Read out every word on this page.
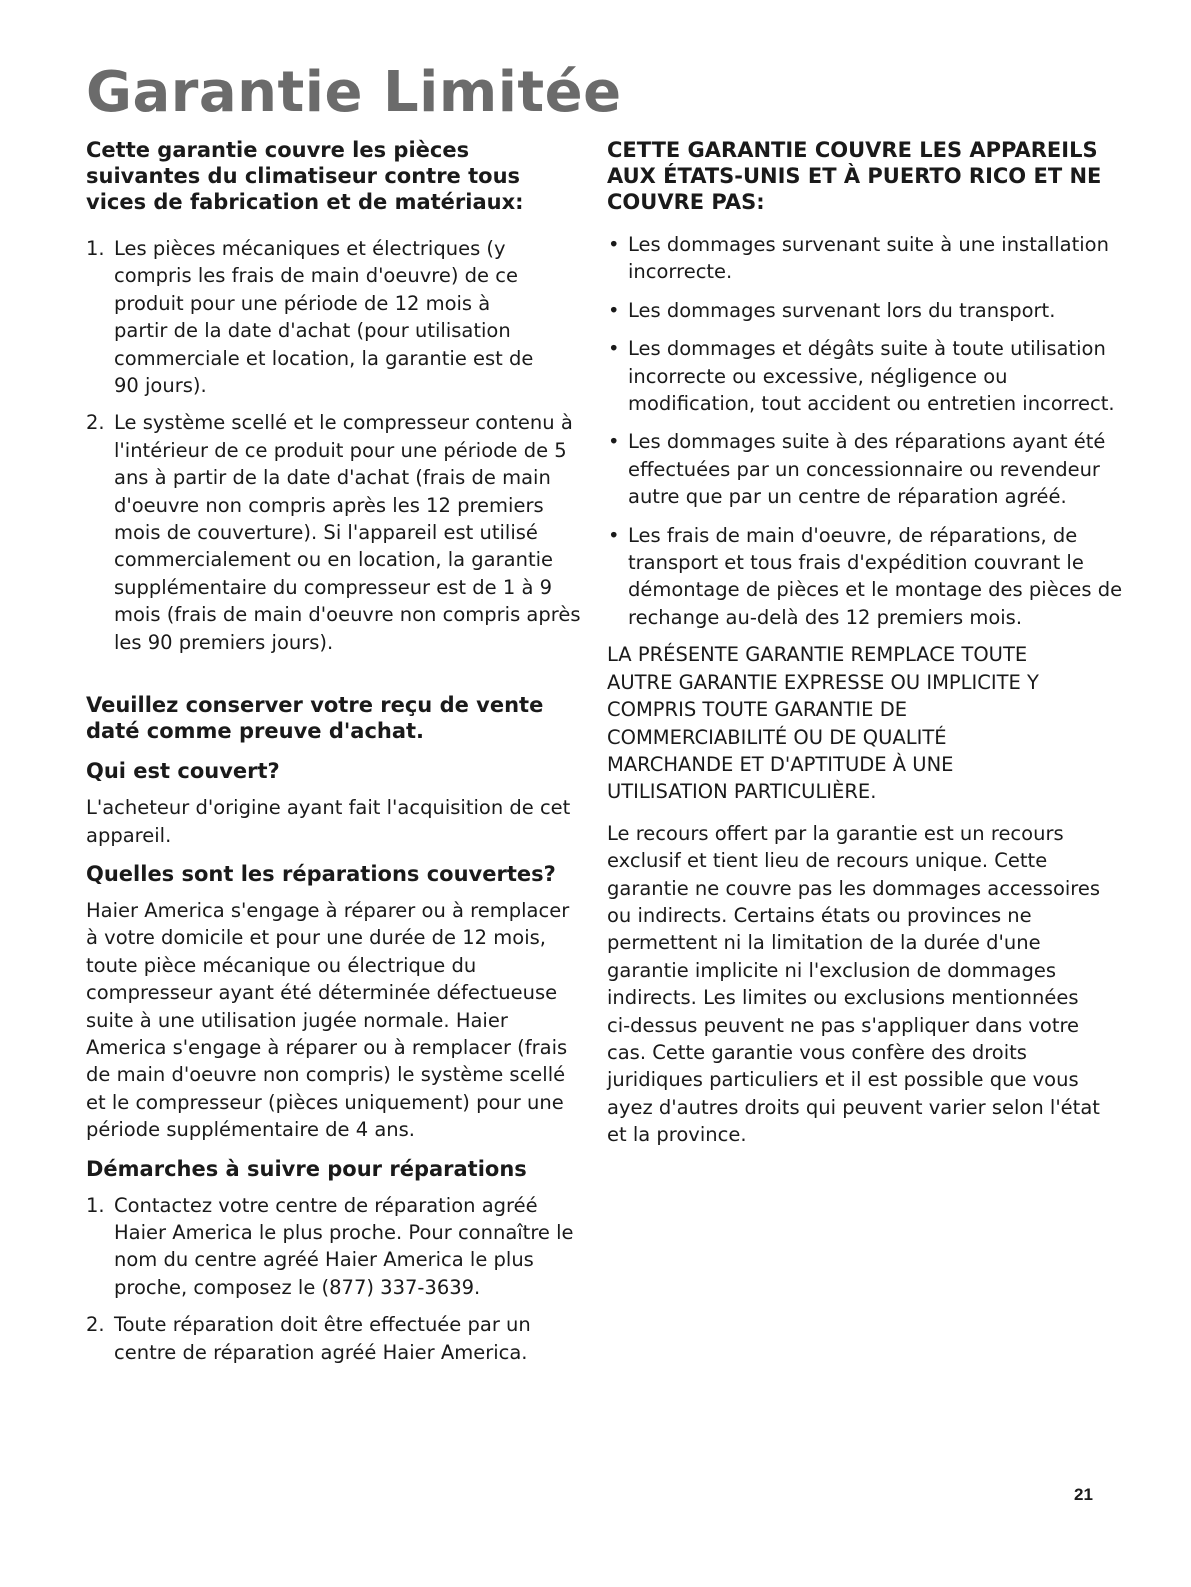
Garantie Limitée
Cette garantie couvre les pièces suivantes du climatiseur contre tous vices de fabrication et de matériaux:
1. Les pièces mécaniques et électriques (y compris les frais de main d'oeuvre) de ce produit pour une période de 12 mois à partir de la date d'achat (pour utilisation commerciale et location, la garantie est de 90 jours).
2. Le système scellé et le compresseur contenu à l'intérieur de ce produit pour une période de 5 ans à partir de la date d'achat (frais de main d'oeuvre non compris après les 12 premiers mois de couverture). Si l'appareil est utilisé commercialement ou en location, la garantie supplémentaire du compresseur est de 1 à 9 mois (frais de main d'oeuvre non compris après les 90 premiers jours).
Veuillez conserver votre reçu de vente daté comme preuve d'achat.
Qui est couvert?

L'acheteur d'origine ayant fait l'acquisition de cet appareil.

Quelles sont les réparations couvertes?

Haier America s'engage à réparer ou à remplacer à votre domicile et pour une durée de 12 mois, toute pièce mécanique ou électrique du compresseur ayant été déterminée défectueuse suite à une utilisation jugée normale. Haier America s'engage à réparer ou à remplacer (frais de main d'oeuvre non compris) le système scellé et le compresseur (pièces uniquement) pour une période supplémentaire de 4 ans.

Démarches à suivre pour réparations
1. Contactez votre centre de réparation agréé Haier America le plus proche. Pour connaître le nom du centre agréé Haier America le plus proche, composez le (877) 337-3639.
2. Toute réparation doit être effectuée par un centre de réparation agréé Haier America.
CETTE GARANTIE COUVRE LES APPAREILS AUX ÉTATS-UNIS ET À PUERTO RICO ET NE COUVRE PAS:
• Les dommages survenant suite à une installation incorrecte.
• Les dommages survenant lors du transport.
• Les dommages et dégâts suite à toute utilisation incorrecte ou excessive, négligence ou modification, tout accident ou entretien incorrect.
• Les dommages suite à des réparations ayant été effectuées par un concessionnaire ou revendeur autre que par un centre de réparation agréé.
• Les frais de main d'oeuvre, de réparations, de transport et tous frais d'expédition couvrant le démontage de pièces et le montage des pièces de rechange au-delà des 12 premiers mois.

LA PRÉSENTE GARANTIE REMPLACE TOUTE AUTRE GARANTIE EXPRESSE OU IMPLICITE Y COMPRIS TOUTE GARANTIE DE COMMERCIABILITÉ OU DE QUALITÉ MARCHANDE ET D'APTITUDE À UNE UTILISATION PARTICULIÈRE.

Le recours offert par la garantie est un recours exclusif et tient lieu de recours unique. Cette garantie ne couvre pas les dommages accessoires ou indirects. Certains états ou provinces ne permettent ni la limitation de la durée d'une garantie implicite ni l'exclusion de dommages indirects. Les limites ou exclusions mentionnées ci-dessus peuvent ne pas s'appliquer dans votre cas. Cette garantie vous confère des droits juridiques particuliers et il est possible que vous ayez d'autres droits qui peuvent varier selon l'état et la province.

21
